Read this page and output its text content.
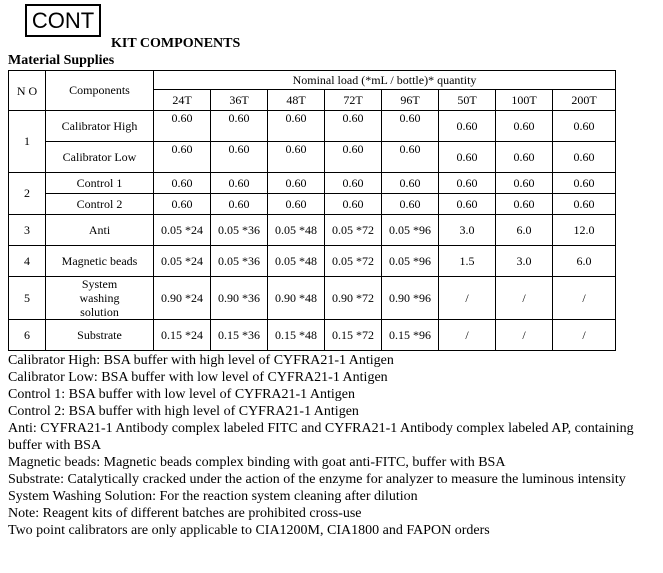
CONT
KIT COMPONENTS
Material Supplies
N O	Components	Nominal load (*mL / bottle)* quantity							
		24T	36T	48T	72T	96T	50T	100T	200T
1	Calibrator High	0.60	0.60	0.60	0.60	0.60	0.60	0.60	0.60
	Calibrator Low	0.60	0.60	0.60	0.60	0.60	0.60	0.60	0.60
2	Control 1	0.60	0.60	0.60	0.60	0.60	0.60	0.60	0.60
	Control 2	0.60	0.60	0.60	0.60	0.60	0.60	0.60	0.60
3	Anti	0.05 *24	0.05 *36	0.05 *48	0.05 *72	0.05 *96	3.0	6.0	12.0
4	Magnetic beads	0.05 *24	0.05 *36	0.05 *48	0.05 *72	0.05 *96	1.5	3.0	6.0
5	System washing solution	0.90 *24	0.90 *36	0.90 *48	0.90 *72	0.90 *96	/	/	/
6	Substrate	0.15 *24	0.15 *36	0.15 *48	0.15 *72	0.15 *96	/	/	/
Calibrator High: BSA buffer with high level of CYFRA21-1 Antigen
Calibrator Low: BSA buffer with low level of CYFRA21-1 Antigen
Control 1: BSA buffer with low level of CYFRA21-1 Antigen
Control 2: BSA buffer with high level of CYFRA21-1 Antigen
Anti: CYFRA21-1 Antibody complex labeled FITC and CYFRA21-1 Antibody complex labeled AP, containing buffer with BSA
Magnetic beads: Magnetic beads complex binding with goat anti-FITC, buffer with BSA
Substrate: Catalytically cracked under the action of the enzyme for analyzer to measure the luminous intensity
System Washing Solution: For the reaction system cleaning after dilution
Note: Reagent kits of different batches are prohibited cross-use
Two point calibrators are only applicable to CIA1200M, CIA1800 and FAPON orders
